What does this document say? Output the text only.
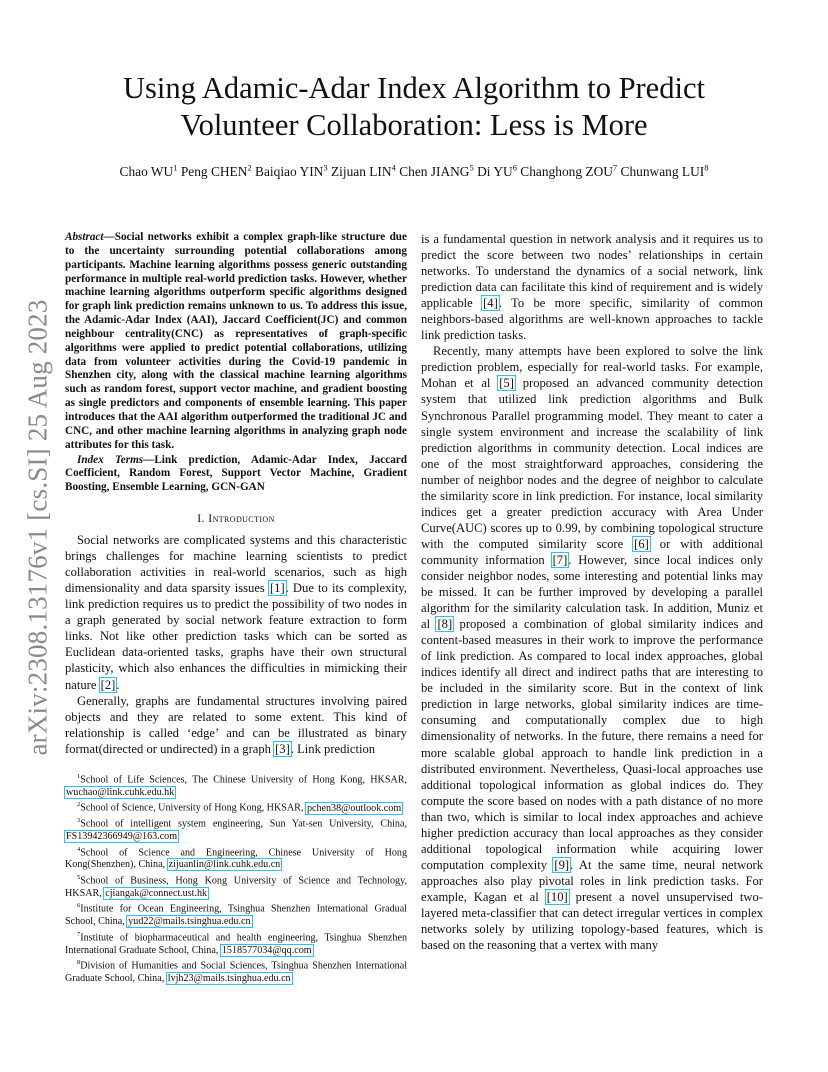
arXiv:2308.13176v1 [cs.SI] 25 Aug 2023
Using Adamic-Adar Index Algorithm to Predict
Volunteer Collaboration: Less is More
Chao $WU^1$ Peng CHEN$^2$ Baiqiao YIN$^3$ Zijuan LIN$^4$ Chen JIANG$^5$ Di $YU^6$ Changhong ZOU$^7$ Chunwang LUI$^8$

Abstract—Social networks exhibit a complex graph-like structure due to the uncertainty surrounding potential collaborations among participants. Machine learning algorithms possess generic outstanding performance in multiple real-world prediction tasks. However, whether machine learning algorithms outperform specific algorithms designed for graph link prediction remains unknown to us. To address this issue, the Adamic-Adar Index (AAI), Jaccard Coefficient(JC) and common neighbour centrality(CNC) as representatives of graph-specific algorithms were applied to predict potential collaborations, utilizing data from volunteer activities during the Covid-19 pandemic in Shenzhen city, along with the classical machine learning algorithms such as random forest, support vector machine, and gradient boosting as single predictors and components of ensemble learning. This paper introduces that the AAI algorithm outperformed the traditional JC and CNC, and other machine learning algorithms in analyzing graph node attributes for this task.

Index Terms—Link prediction, Adamic-Adar Index, Jaccard Coefficient, Random Forest, Support Vector Machine, Gradient Boosting, Ensemble Learning, GCN-GAN

I. Introduction

Social networks are complicated systems and this characteristic brings challenges for machine learning scientists to predict collaboration activities in real-world scenarios, such as high dimensionality and data sparsity issues [1]. Due to its complexity, link prediction requires us to predict the possibility of two nodes in a graph generated by social network feature extraction to form links. Not like other prediction tasks which can be sorted as Euclidean data-oriented tasks, graphs have their own structural plasticity, which also enhances the difficulties in mimicking their nature [2].

Generally, graphs are fundamental structures involving paired objects and they are related to some extent. This kind of relationship is called ‘edge’ and can be illustrated as binary format(directed or undirected) in a graph [3]. Link prediction

$^1$School of Life Sciences, The Chinese University of Hong Kong, HKSAR, wuchao@link.cuhk.edu.hk

$^2$School of Science, University of Hong Kong, HKSAR, pchen38@outlook.com

$^3$School of intelligent system engineering, Sun Yat-sen University, China, FS13942366949@163.com

$^4$School of Science and Engineering, Chinese University of Hong Kong(Shenzhen), China, zijuanlin@link.cuhk.edu.cn

$^5$School of Business, Hong Kong University of Science and Technology, HKSAR, cjiangak@connect.ust.hk

$^6$Institute for Ocean Engineering, Tsinghua Shenzhen International Gradual School, China, yud22@mails.tsinghua.edu.cn

$^7$Institute of biopharmaceutical and health engineering, Tsinghua Shenzhen International Graduate School, China, 1518577034@qq.com

$^8$Division of Humanities and Social Sciences, Tsinghua Shenzhen International Graduate School, China, lvjh23@mails.tsinghua.edu.cn

is a fundamental question in network analysis and it requires us to predict the score between two nodes’ relationships in certain networks. To understand the dynamics of a social network, link prediction data can facilitate this kind of requirement and is widely applicable [4]. To be more specific, similarity of common neighbors-based algorithms are well-known approaches to tackle link prediction tasks.

Recently, many attempts have been explored to solve the link prediction problem, especially for real-world tasks. For example, Mohan et al [5] proposed an advanced community detection system that utilized link prediction algorithms and Bulk Synchronous Parallel programming model. They meant to cater a single system environment and increase the scalability of link prediction algorithms in community detection. Local indices are one of the most straightforward approaches, considering the number of neighbor nodes and the degree of neighbor to calculate the similarity score in link prediction. For instance, local similarity indices get a greater prediction accuracy with Area Under Curve(AUC) scores up to 0.99, by combining topological structure with the computed similarity score [6] or with additional community information [7]. However, since local indices only consider neighbor nodes, some interesting and potential links may be missed. It can be further improved by developing a parallel algorithm for the similarity calculation task. In addition, Muniz et al [8] proposed a combination of global similarity indices and content-based measures in their work to improve the performance of link prediction. As compared to local index approaches, global indices identify all direct and indirect paths that are interesting to be included in the similarity score. But in the context of link prediction in large networks, global similarity indices are time-consuming and computationally complex due to high dimensionality of networks. In the future, there remains a need for more scalable global approach to handle link prediction in a distributed environment. Nevertheless, Quasi-local approaches use additional topological information as global indices do. They compute the score based on nodes with a path distance of no more than two, which is similar to local index approaches and achieve higher prediction accuracy than local approaches as they consider additional topological information while acquiring lower computation complexity [9]. At the same time, neural network approaches also play pivotal roles in link prediction tasks. For example, Kagan et al [10] present a novel unsupervised two-layered meta-classifier that can detect irregular vertices in complex networks solely by utilizing topology-based features, which is based on the reasoning that a vertex with many
